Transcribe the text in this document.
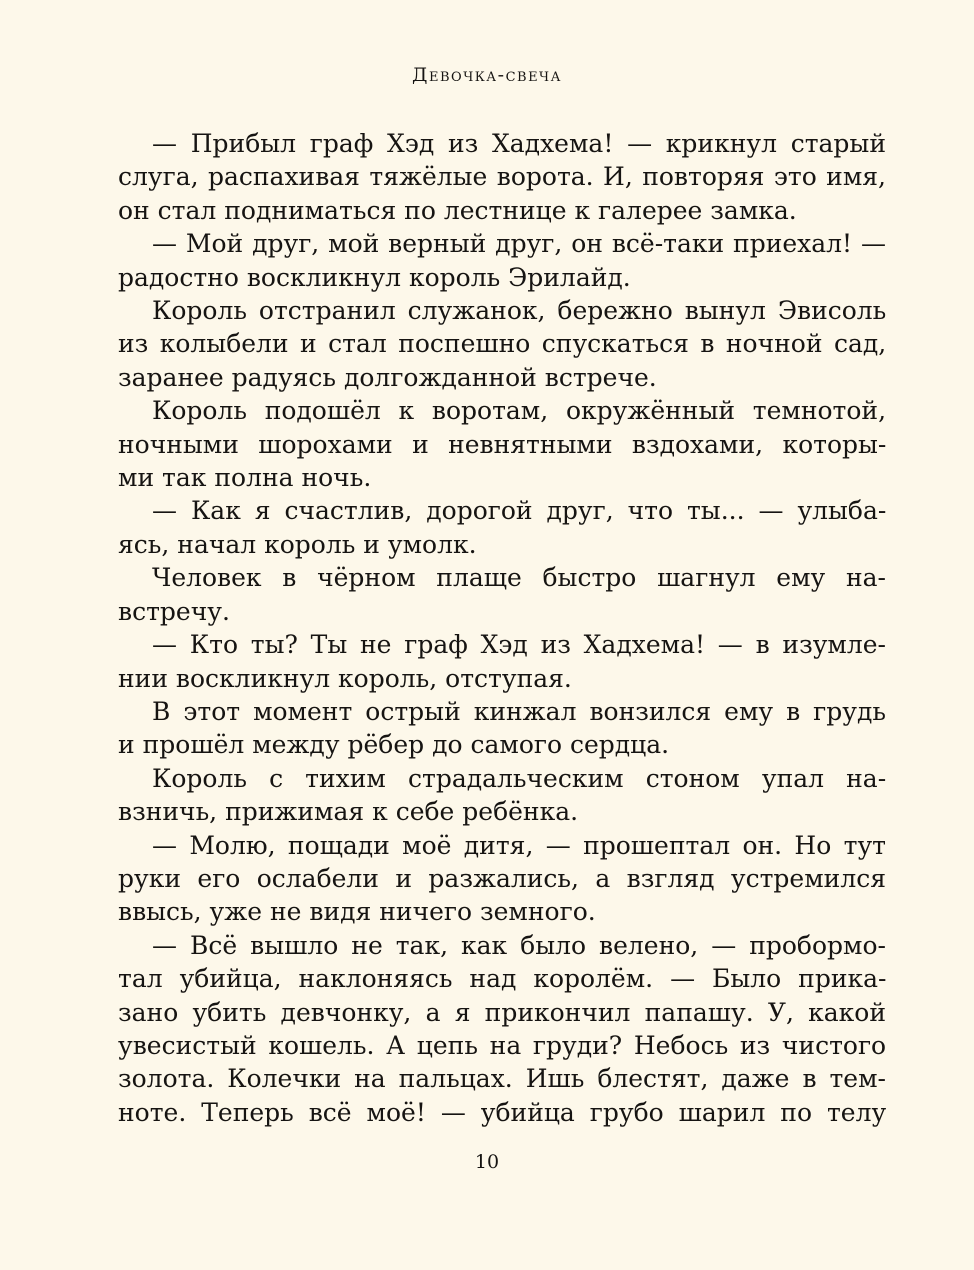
Девочка-свеча

— Прибыл граф Хэд из Хадхема! — крикнул старый
слуга, распахивая тяжёлые ворота. И, повторяя это имя,
он стал подниматься по лестнице к галерее замка.

— Мой друг, мой верный друг, он всё-таки приехал! —
радостно воскликнул король Эрилайд.

Король отстранил служанок, бережно вынул Эвисоль
из колыбели и стал поспешно спускаться в ночной сад,
заранее радуясь долгожданной встрече.

Король подошёл к воротам, окружённый темнотой,
ночными шорохами и невнятными вздохами, которы-
ми так полна ночь.

— Как я счастлив, дорогой друг, что ты... — улыба-
ясь, начал король и умолк.

Человек в чёрном плаще быстро шагнул ему на-
встречу.

— Кто ты? Ты не граф Хэд из Хадхема! — в изумле-
нии воскликнул король, отступая.

В этот момент острый кинжал вонзился ему в грудь
и прошёл между рёбер до самого сердца.

Король с тихим страдальческим стоном упал на-
взничь, прижимая к себе ребёнка.

— Молю, пощади моё дитя, — прошептал он. Но тут
руки его ослабели и разжались, а взгляд устремился
ввысь, уже не видя ничего земного.

— Всё вышло не так, как было велено, — пробормо-
тал убийца, наклоняясь над королём. — Было прика-
зано убить девчонку, а я прикончил папашу. У, какой
увесистый кошель. А цепь на груди? Небось из чистого
золота. Колечки на пальцах. Ишь блестят, даже в тем-
ноте. Теперь всё моё! — убийца грубо шарил по телу

10
